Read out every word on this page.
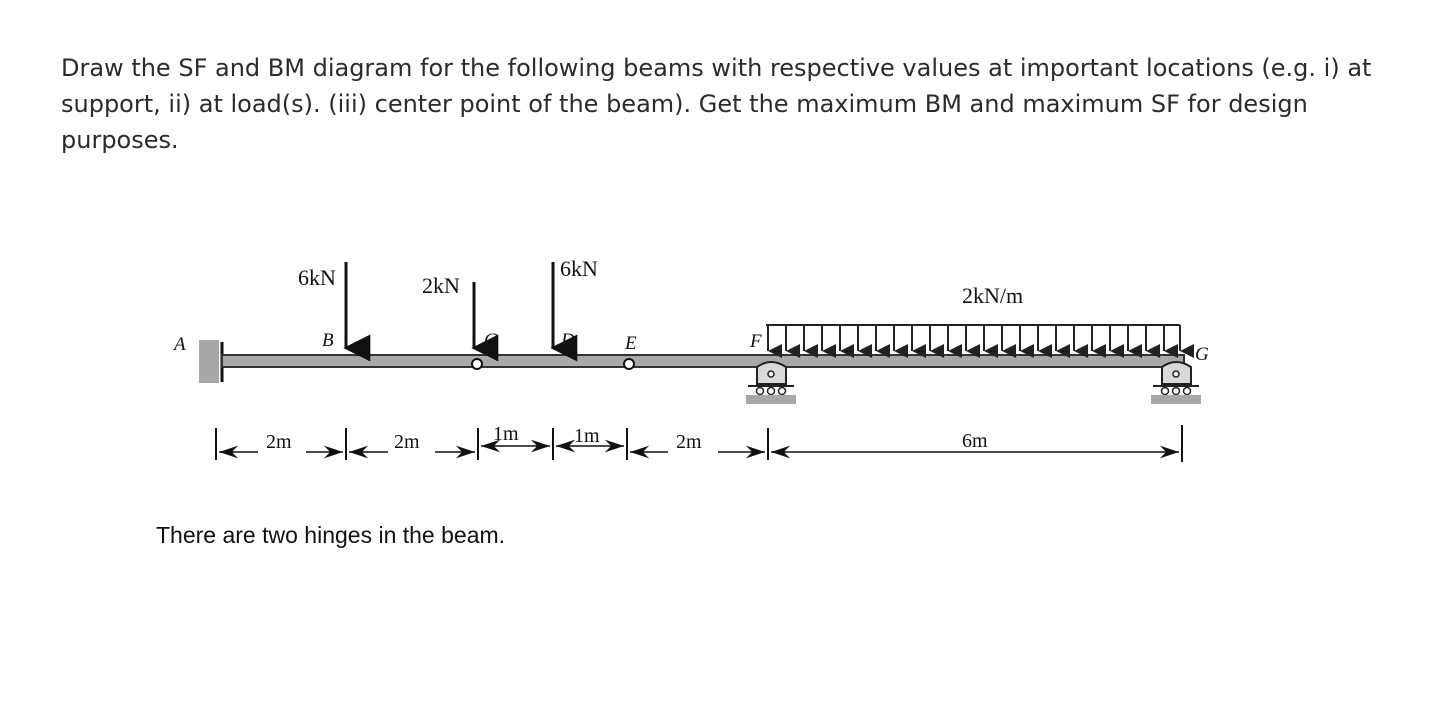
Draw the SF and BM diagram for the following beams with respective values at important locations (e.g. i) at support, ii) at load(s). (iii) center point of the beam). Get the maximum BM and maximum SF for design purposes.

6kN	2kN
6kN
2kN/m
A	B	C	D	E	F
G
2m	2m	1m	1m	2m	6m
There are two hinges in the beam.
